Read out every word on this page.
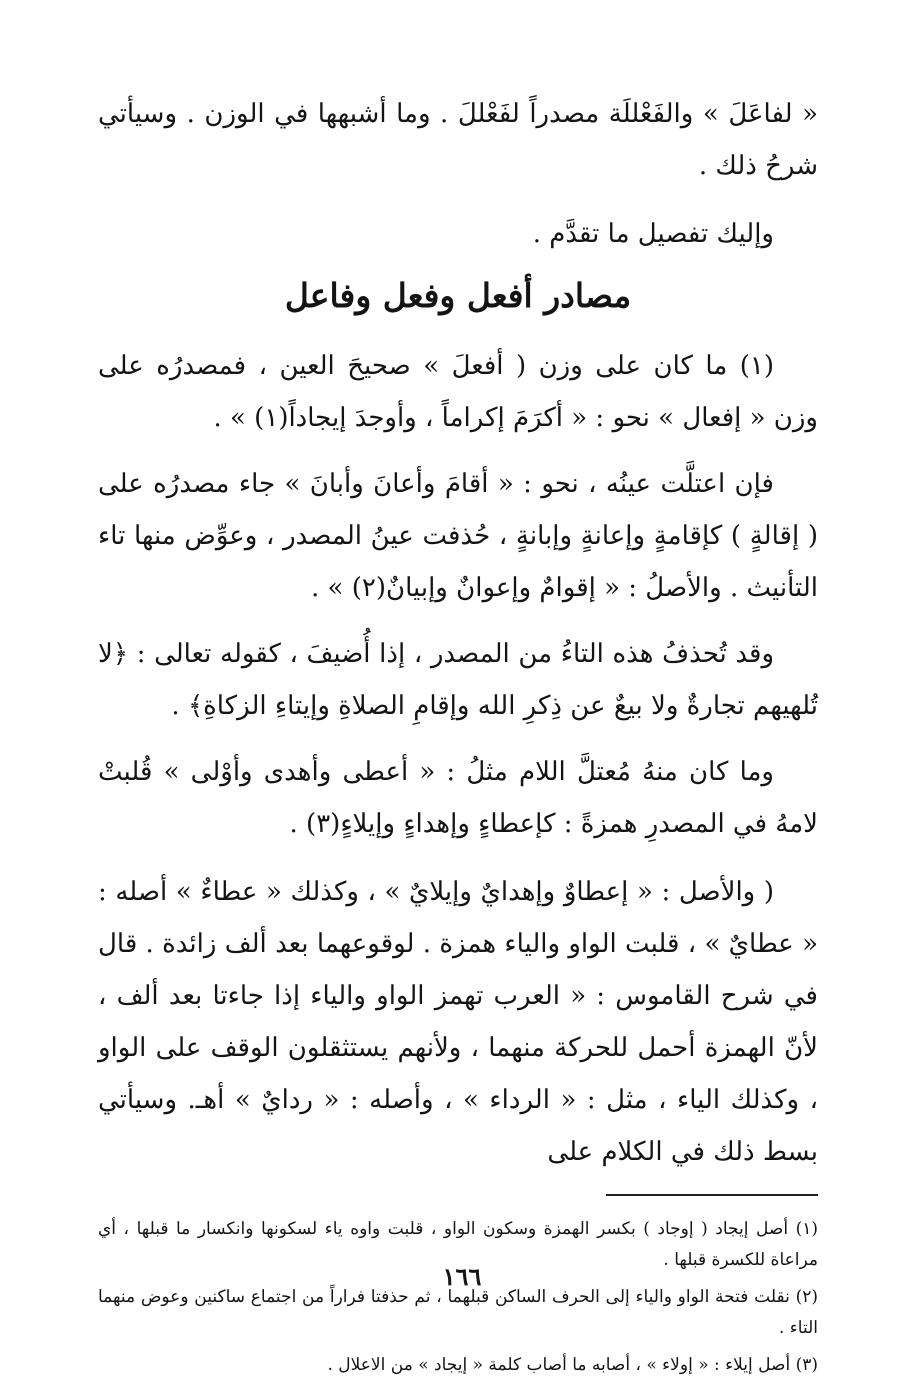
« لفاعَلَ » والفَعْللَة مصدراً لفَعْللَ . وما أشبهها في الوزن . وسيأتي شرحُ ذلك .

وإليك تفصيل ما تقدَّم .

مصادر أفعل وفعل وفاعل

(١) ما كان على وزن ( أفعلَ » صحيحَ العين ، فمصدرُه على وزن « إفعال » نحو : « أكرَمَ إكراماً ، وأوجدَ إيجاداً(١) » .

فإن اعتلَّت عينُه ، نحو : « أقامَ وأعانَ وأبانَ » جاء مصدرُه على ( إقالةٍ ) كإقامةٍ وإعانةٍ وإبانةٍ ، حُذفت عينُ المصدر ، وعوِّض منها تاء التأنيث . والأصلُ : « إقوامٌ وإعوانٌ وإبيانٌ(٢) » .

وقد تُحذفُ هذه التاءُ من المصدر ، إذا أُضيفَ ، كقوله تعالى : ﴿لا تُلهيهم تجارةٌ ولا بيعٌ عن ذِكرِ الله وإقامِ الصلاةِ وإيتاءِ الزكاةِ﴾ .

وما كان منهُ مُعتلَّ اللام مثلُ : « أعطى وأهدى وأوْلى » قُلبتْ لامهُ في المصدرِ همزةً : كإعطاءٍ وإهداءٍ وإيلاءٍ(٣) .

( والأصل : « إعطاوٌ وإهدايٌ وإيلايٌ » ، وكذلك « عطاءٌ » أصله : « عطايٌ » ، قلبت الواو والياء همزة . لوقوعهما بعد ألف زائدة . قال في شرح القاموس : « العرب تهمز الواو والياء إذا جاءتا بعد ألف ، لأنّ الهمزة أحمل للحركة منهما ، ولأنهم يستثقلون الوقف على الواو ، وكذلك الياء ، مثل : « الرداء » ، وأصله : « ردايٌ » أهـ. وسيأتي بسط ذلك في الكلام على

(١) أصل إيجاد ( إوجاد ) بكسر الهمزة وسكون الواو ، قلبت واوه ياء لسكونها وانكسار ما قبلها ، أي مراعاة للكسرة قبلها .

(٢) نقلت فتحة الواو والياء إلى الحرف الساكن قبلهما ، ثم حذفتا فراراً من اجتماع ساكنين وعوض منهما التاء .

(٣) أصل إيلاء : « إولاء » ، أصابه ما أصاب كلمة « إيجاد » من الاعلال .

١٦٦
